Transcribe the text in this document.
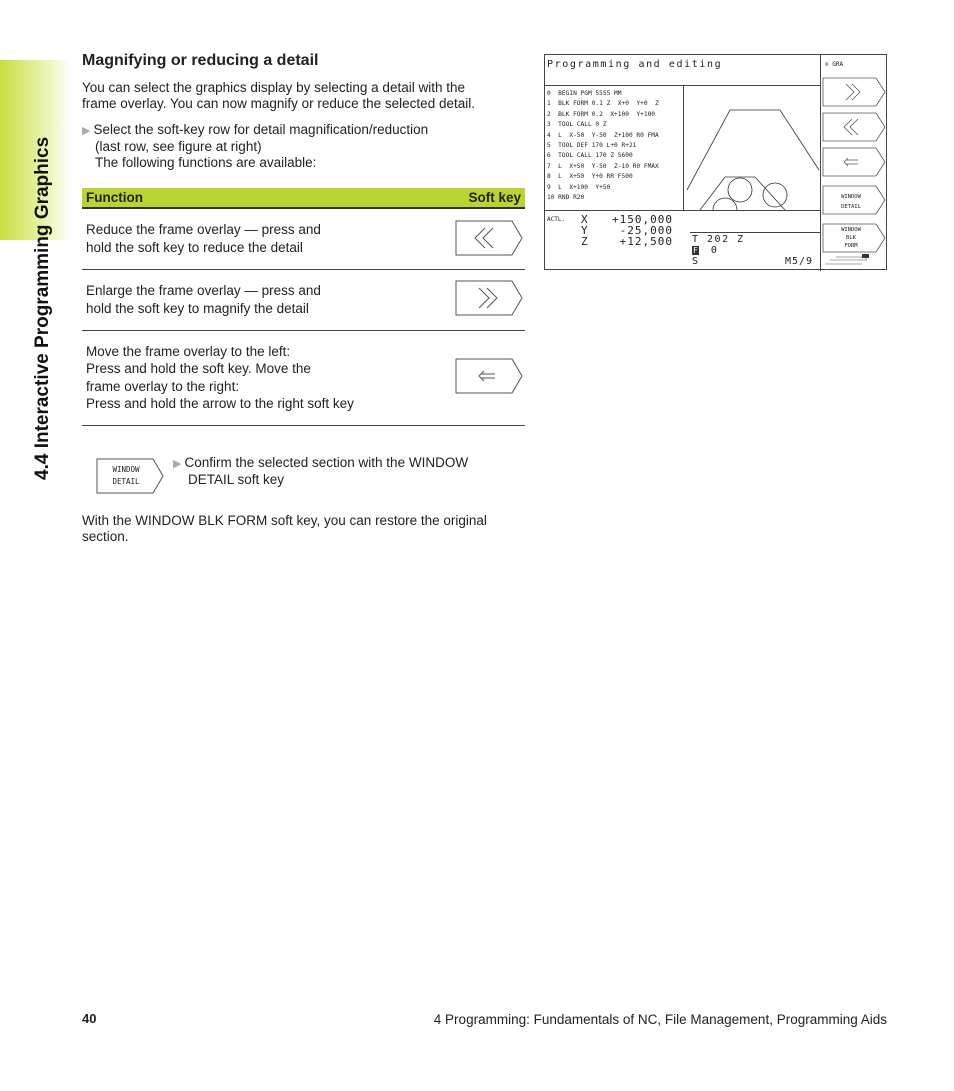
4.4 Interactive Programming Graphics
Magnifying or reducing a detail
You can select the graphics display by selecting a detail with the
frame overlay. You can now magnify or reduce the selected detail.
▶ Select the soft-key row for detail magnification/reduction
(last row, see figure at right)
The following functions are available:
Function	Soft key

Reduce the frame overlay — press and
hold the soft key to reduce the detail

Enlarge the frame overlay — press and
hold the soft key to magnify the detail

Move the frame overlay to the left:
Press and hold the soft key. Move the
frame overlay to the right:
Press and hold the arrow to the right soft key

WINDOW
DETAIL
▶ Confirm the selected section with the WINDOW
DETAIL soft key
With the WINDOW BLK FORM soft key, you can restore the original
section.
Programming and editing
0  BEGIN PGM 5555 MM
1  BLK FORM 0.1 Z  X+0  Y+0  Z
2  BLK FORM 0.2  X+100  Y+100
3  TOOL CALL 0 Z
4  L  X-50  Y-50  Z+100 R0 FMA
5  TOOL DEF 170 L+0 R+21
6  TOOL CALL 170 Z S600
7  L  X+50  Y-50  Z-10 R0 FMAX
8  L  X+50  Y+0 RR F500
9  L  X+100  Y+50
10 RND R20
ACTL. X +150,000
Y	-25,000
Z	+12,500 T 202 Z
F 0
S	M5/9
⊙ GRA
WINDOW
DETAIL
WINDOW
BLK
FORM
40	4 Programming: Fundamentals of NC, File Management, Programming Aids
